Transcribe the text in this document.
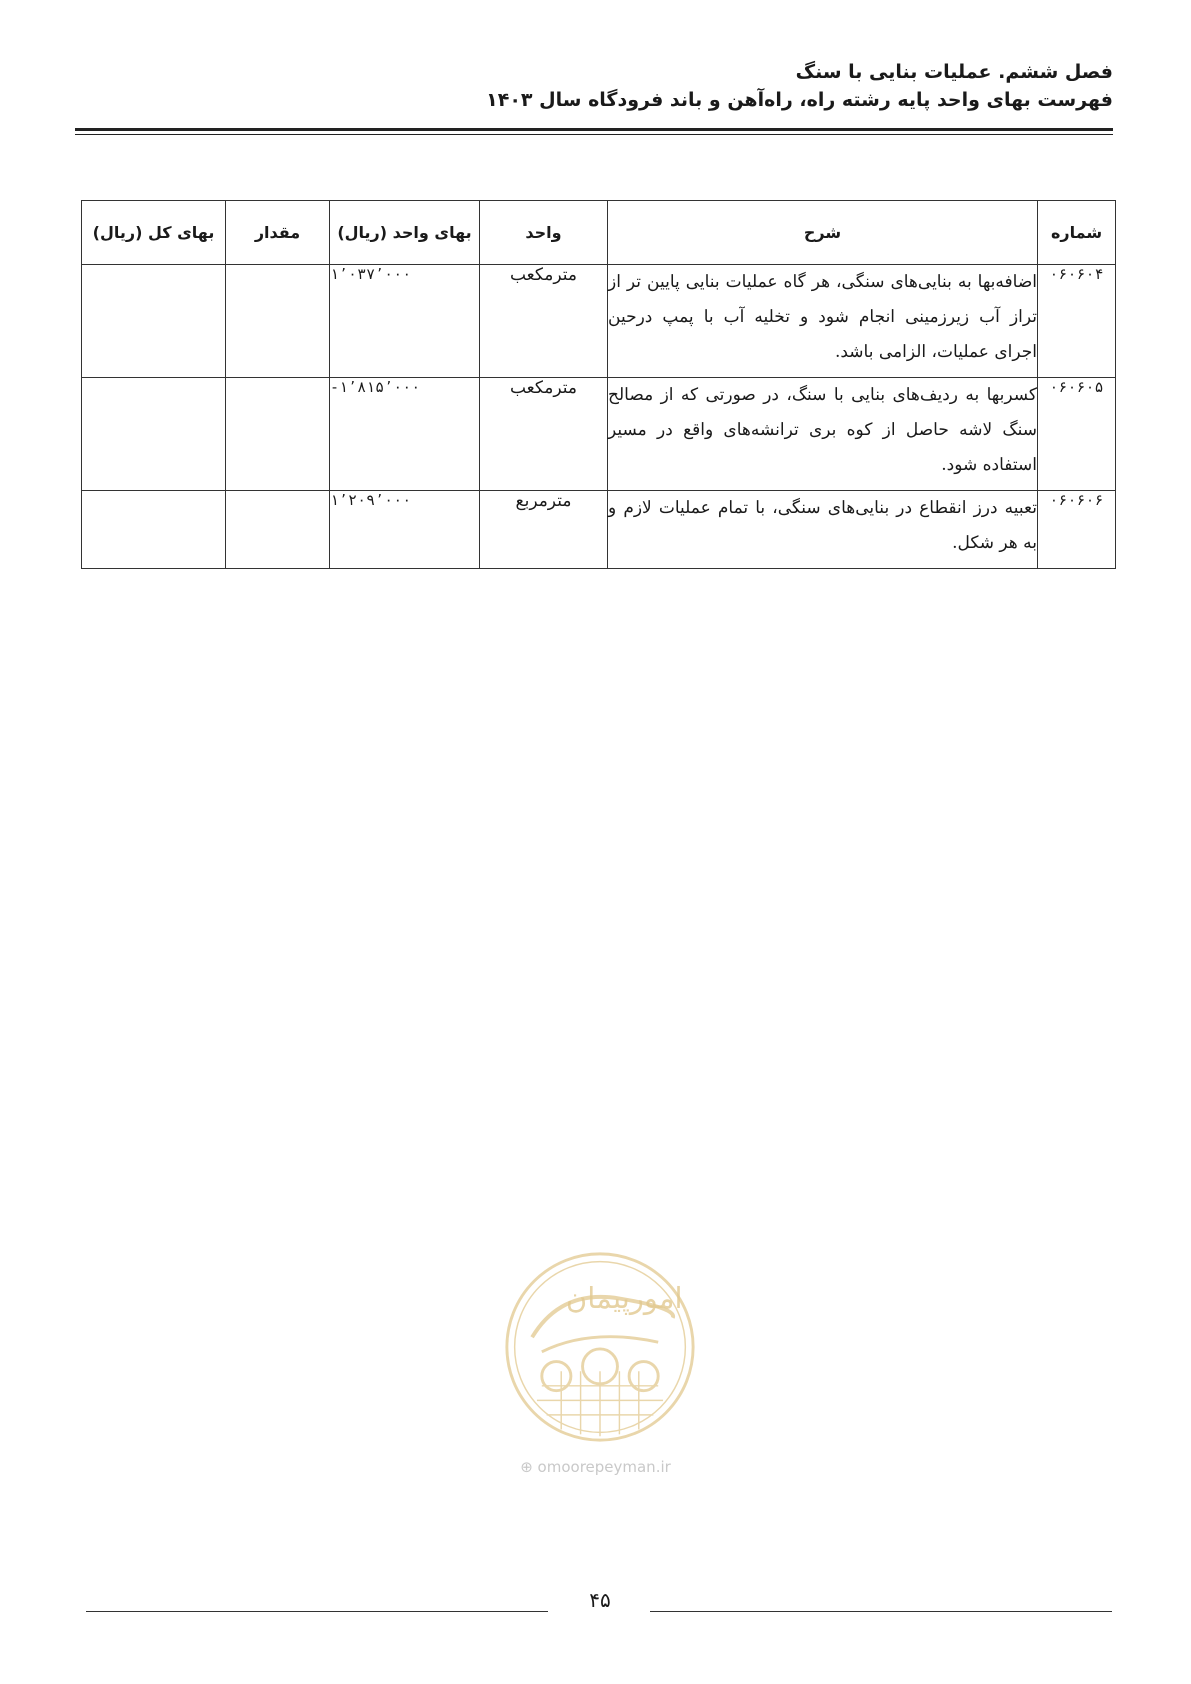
فصل ششم. عملیات بنایی با سنگ
فهرست بهای واحد پایه رشته راه، راه‌آهن و باند فرودگاه سال ۱۴۰۳
شماره	شرح	واحد	بهای واحد (ریال)	مقدار	بهای کل (ریال)
۰۶۰۶۰۴	اضافه‌بها به بنایی‌های سنگی، هر گاه عملیات بنایی پایین تر از تراز آب زیرزمینی انجام شود و تخلیه آب با پمپ درحین اجرای عملیات، الزامی باشد.	مترمکعب	۱٬۰۳۷٬۰۰۰		
۰۶۰۶۰۵	کسربها به ردیف‌های بنایی با سنگ، در صورتی که از مصالح سنگ لاشه حاصل از کوه بری ترانشه‌های واقع در مسیر استفاده شود.	مترمکعب	-۱٬۸۱۵٬۰۰۰		
۰۶۰۶۰۶	تعبیه درز انقطاع در بنایی‌های سنگی، با تمام عملیات لازم و به هر شکل.	مترمربع	۱٬۲۰۹٬۰۰۰		
امورپیمان
⊕ omoorepeyman.ir
۴۵
